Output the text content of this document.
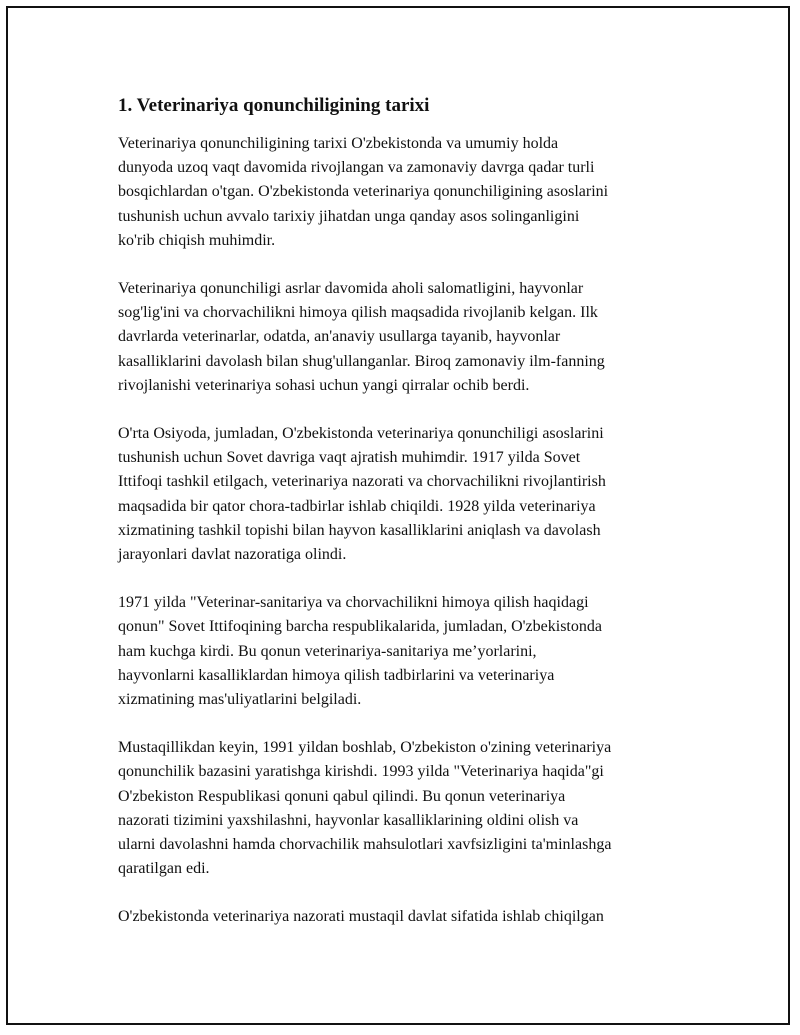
1. Veterinariya qonunchiligining tarixi

Veterinariya qonunchiligining tarixi O'zbekistonda va umumiy holda
dunyoda uzoq vaqt davomida rivojlangan va zamonaviy davrga qadar turli
bosqichlardan o'tgan. O'zbekistonda veterinariya qonunchiligining asoslarini
tushunish uchun avvalo tarixiy jihatdan unga qanday asos solinganligini
ko'rib chiqish muhimdir.

Veterinariya qonunchiligi asrlar davomida aholi salomatligini, hayvonlar
sog'lig'ini va chorvachilikni himoya qilish maqsadida rivojlanib kelgan. Ilk
davrlarda veterinarlar, odatda, an'anaviy usullarga tayanib, hayvonlar
kasalliklarini davolash bilan shug'ullanganlar. Biroq zamonaviy ilm-fanning
rivojlanishi veterinariya sohasi uchun yangi qirralar ochib berdi.

O'rta Osiyoda, jumladan, O'zbekistonda veterinariya qonunchiligi asoslarini
tushunish uchun Sovet davriga vaqt ajratish muhimdir. 1917 yilda Sovet
Ittifoqi tashkil etilgach, veterinariya nazorati va chorvachilikni rivojlantirish
maqsadida bir qator chora-tadbirlar ishlab chiqildi. 1928 yilda veterinariya
xizmatining tashkil topishi bilan hayvon kasalliklarini aniqlash va davolash
jarayonlari davlat nazoratiga olindi.

1971 yilda "Veterinar-sanitariya va chorvachilikni himoya qilish haqidagi
qonun" Sovet Ittifoqining barcha respublikalarida, jumladan, O'zbekistonda
ham kuchga kirdi. Bu qonun veterinariya-sanitariya me’yorlarini,
hayvonlarni kasalliklardan himoya qilish tadbirlarini va veterinariya
xizmatining mas'uliyatlarini belgiladi.

Mustaqillikdan keyin, 1991 yildan boshlab, O'zbekiston o'zining veterinariya
qonunchilik bazasini yaratishga kirishdi. 1993 yilda "Veterinariya haqida"gi
O'zbekiston Respublikasi qonuni qabul qilindi. Bu qonun veterinariya
nazorati tizimini yaxshilashni, hayvonlar kasalliklarining oldini olish va
ularni davolashni hamda chorvachilik mahsulotlari xavfsizligini ta'minlashga
qaratilgan edi.

O'zbekistonda veterinariya nazorati mustaqil davlat sifatida ishlab chiqilgan
